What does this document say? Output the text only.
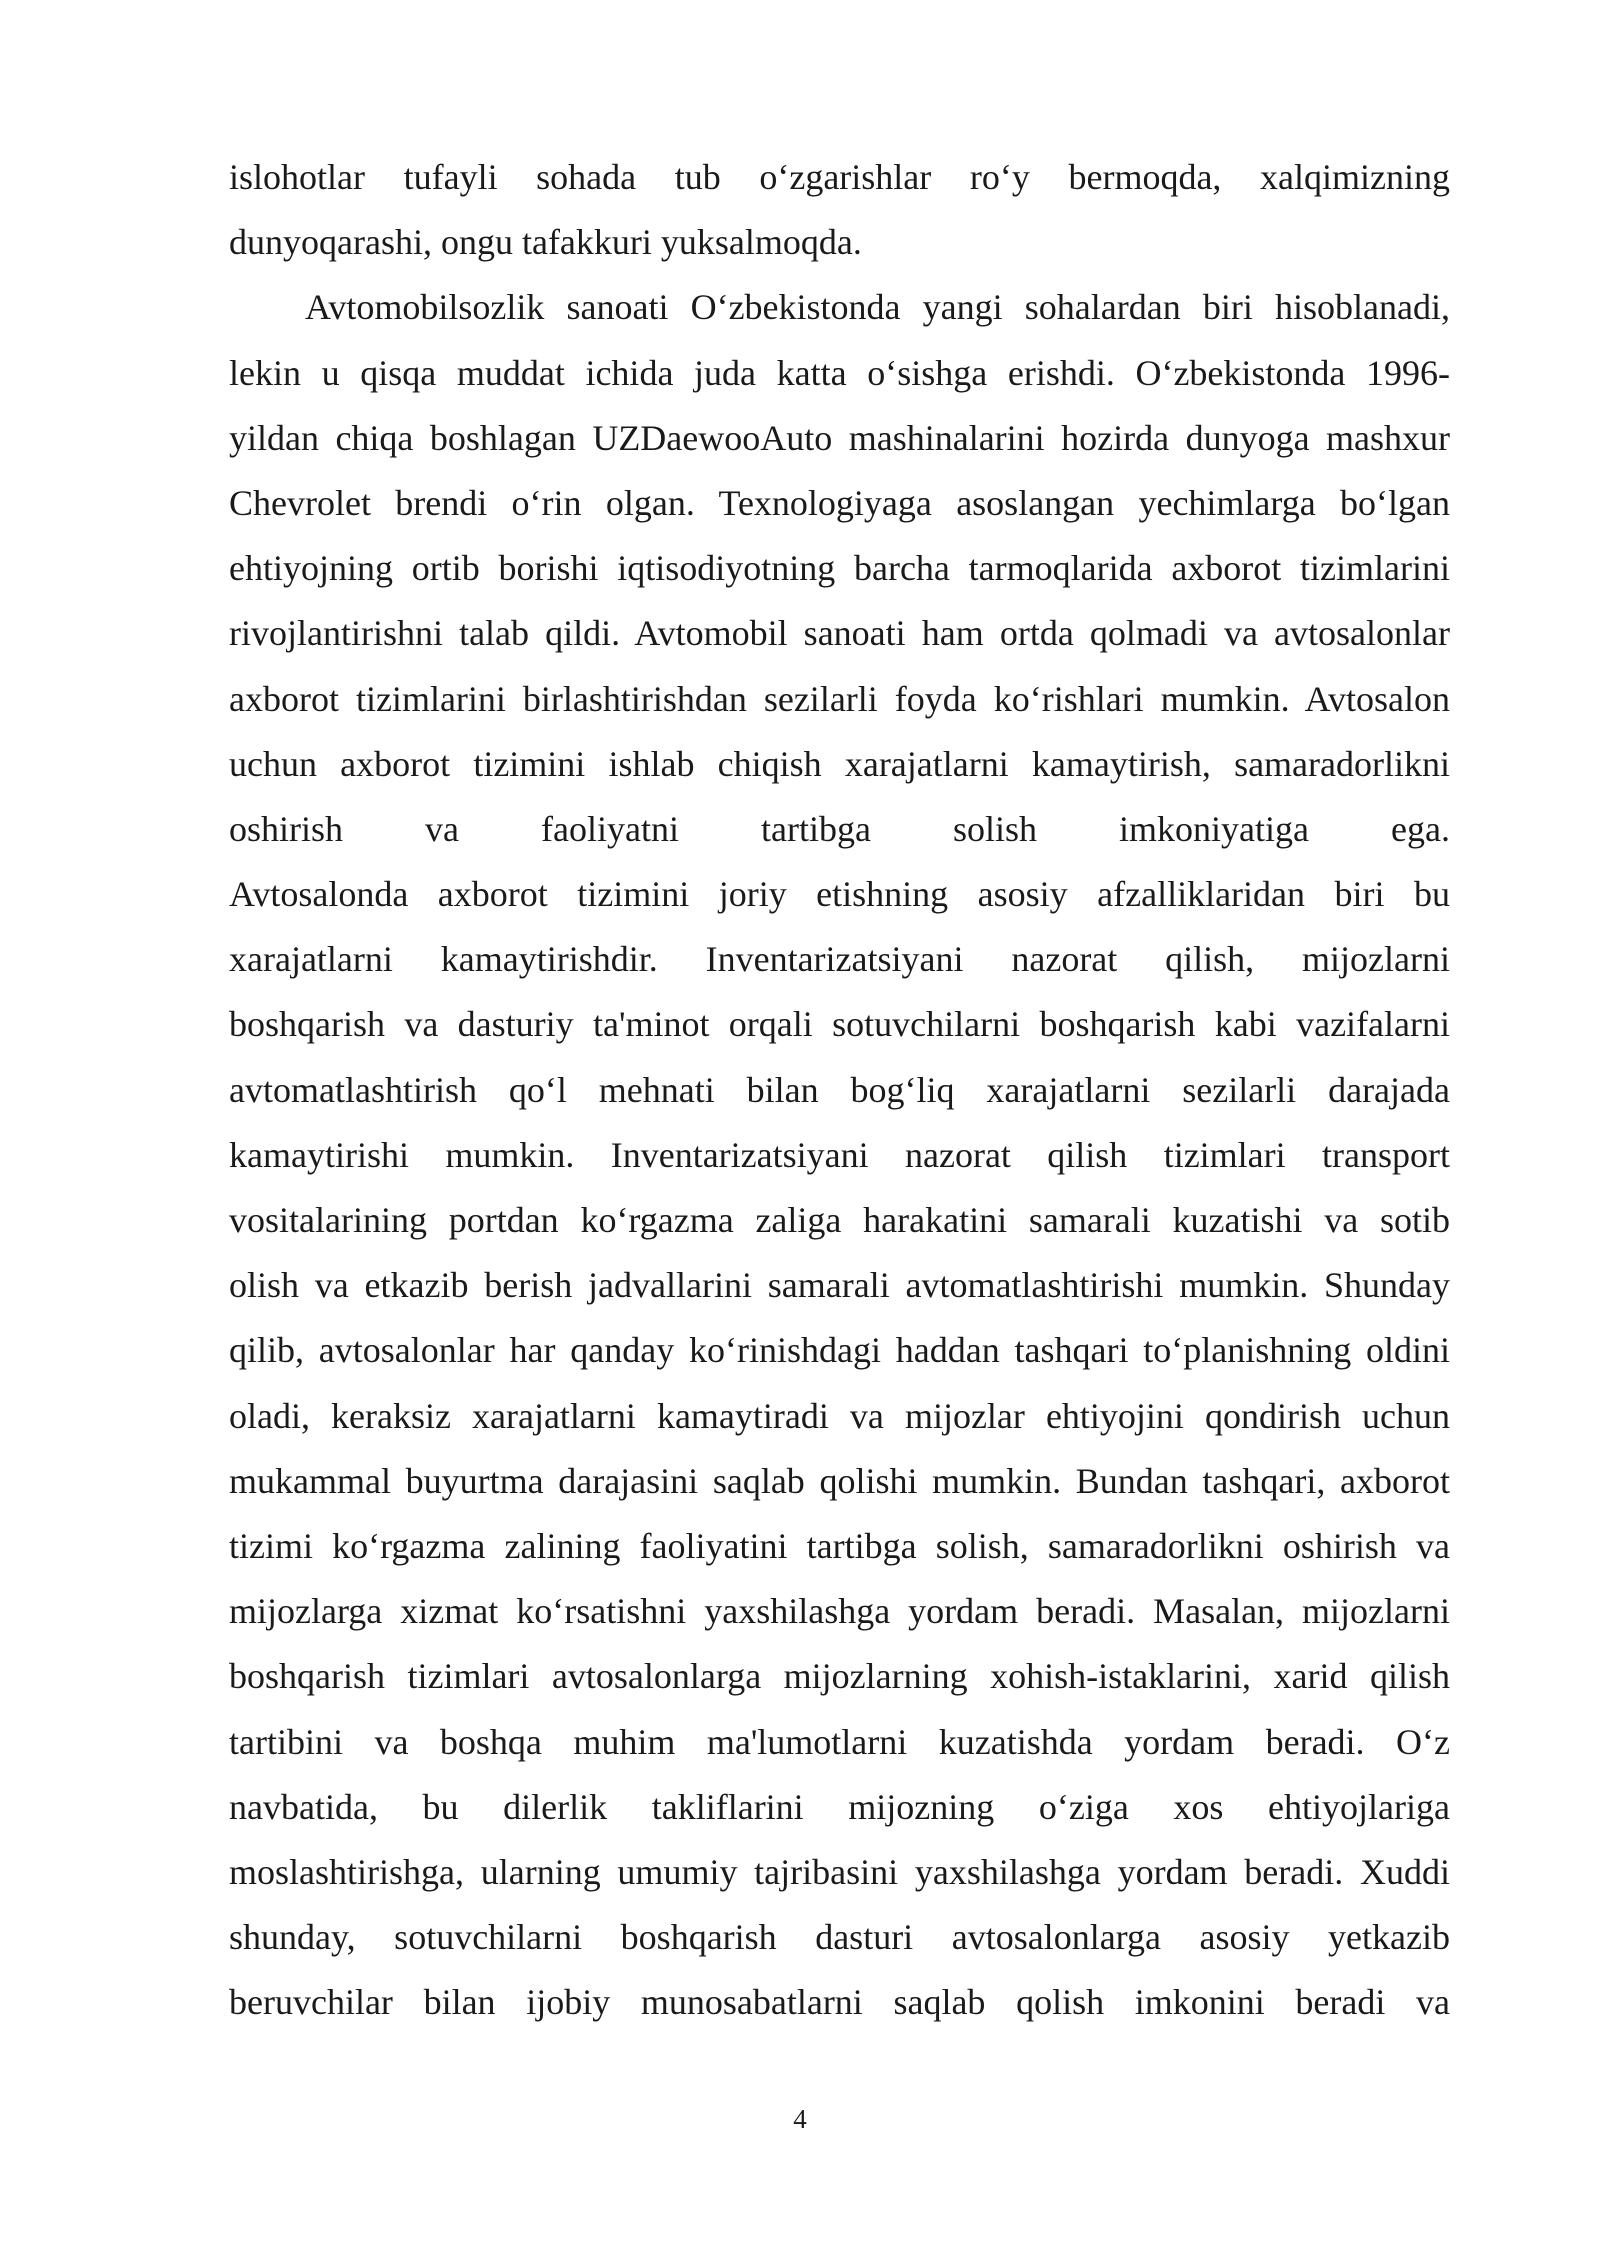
islohotlar tufayli sohada tub o‘zgarishlar ro‘y bermoqda, xalqimizning
dunyoqarashi, ongu tafakkuri yuksalmoqda.
Avtomobilsozlik sanoati O‘zbekistonda yangi sohalardan biri hisoblanadi,
lekin u qisqa muddat ichida juda katta o‘sishga erishdi. O‘zbekistonda 1996-
yildan chiqa boshlagan UZDaewooAuto mashinalarini hozirda dunyoga mashxur
Chevrolet brendi o‘rin olgan. Texnologiyaga asoslangan yechimlarga bo‘lgan
ehtiyojning ortib borishi iqtisodiyotning barcha tarmoqlarida axborot tizimlarini
rivojlantirishni talab qildi. Avtomobil sanoati ham ortda qolmadi va avtosalonlar
axborot tizimlarini birlashtirishdan sezilarli foyda ko‘rishlari mumkin. Avtosalon
uchun axborot tizimini ishlab chiqish xarajatlarni kamaytirish, samaradorlikni
oshirish va faoliyatni tartibga solish imkoniyatiga ega.
Avtosalonda axborot tizimini joriy etishning asosiy afzalliklaridan biri bu
xarajatlarni kamaytirishdir. Inventarizatsiyani nazorat qilish, mijozlarni
boshqarish va dasturiy ta'minot orqali sotuvchilarni boshqarish kabi vazifalarni
avtomatlashtirish qo‘l mehnati bilan bog‘liq xarajatlarni sezilarli darajada
kamaytirishi mumkin. Inventarizatsiyani nazorat qilish tizimlari transport
vositalarining portdan ko‘rgazma zaliga harakatini samarali kuzatishi va sotib
olish va etkazib berish jadvallarini samarali avtomatlashtirishi mumkin. Shunday
qilib, avtosalonlar har qanday ko‘rinishdagi haddan tashqari to‘planishning oldini
oladi, keraksiz xarajatlarni kamaytiradi va mijozlar ehtiyojini qondirish uchun
mukammal buyurtma darajasini saqlab qolishi mumkin. Bundan tashqari, axborot
tizimi ko‘rgazma zalining faoliyatini tartibga solish, samaradorlikni oshirish va
mijozlarga xizmat ko‘rsatishni yaxshilashga yordam beradi. Masalan, mijozlarni
boshqarish tizimlari avtosalonlarga mijozlarning xohish-istaklarini, xarid qilish
tartibini va boshqa muhim ma'lumotlarni kuzatishda yordam beradi. O‘z
navbatida, bu dilerlik takliflarini mijozning o‘ziga xos ehtiyojlariga
moslashtirishga, ularning umumiy tajribasini yaxshilashga yordam beradi. Xuddi
shunday, sotuvchilarni boshqarish dasturi avtosalonlarga asosiy yetkazib
beruvchilar bilan ijobiy munosabatlarni saqlab qolish imkonini beradi va
4
